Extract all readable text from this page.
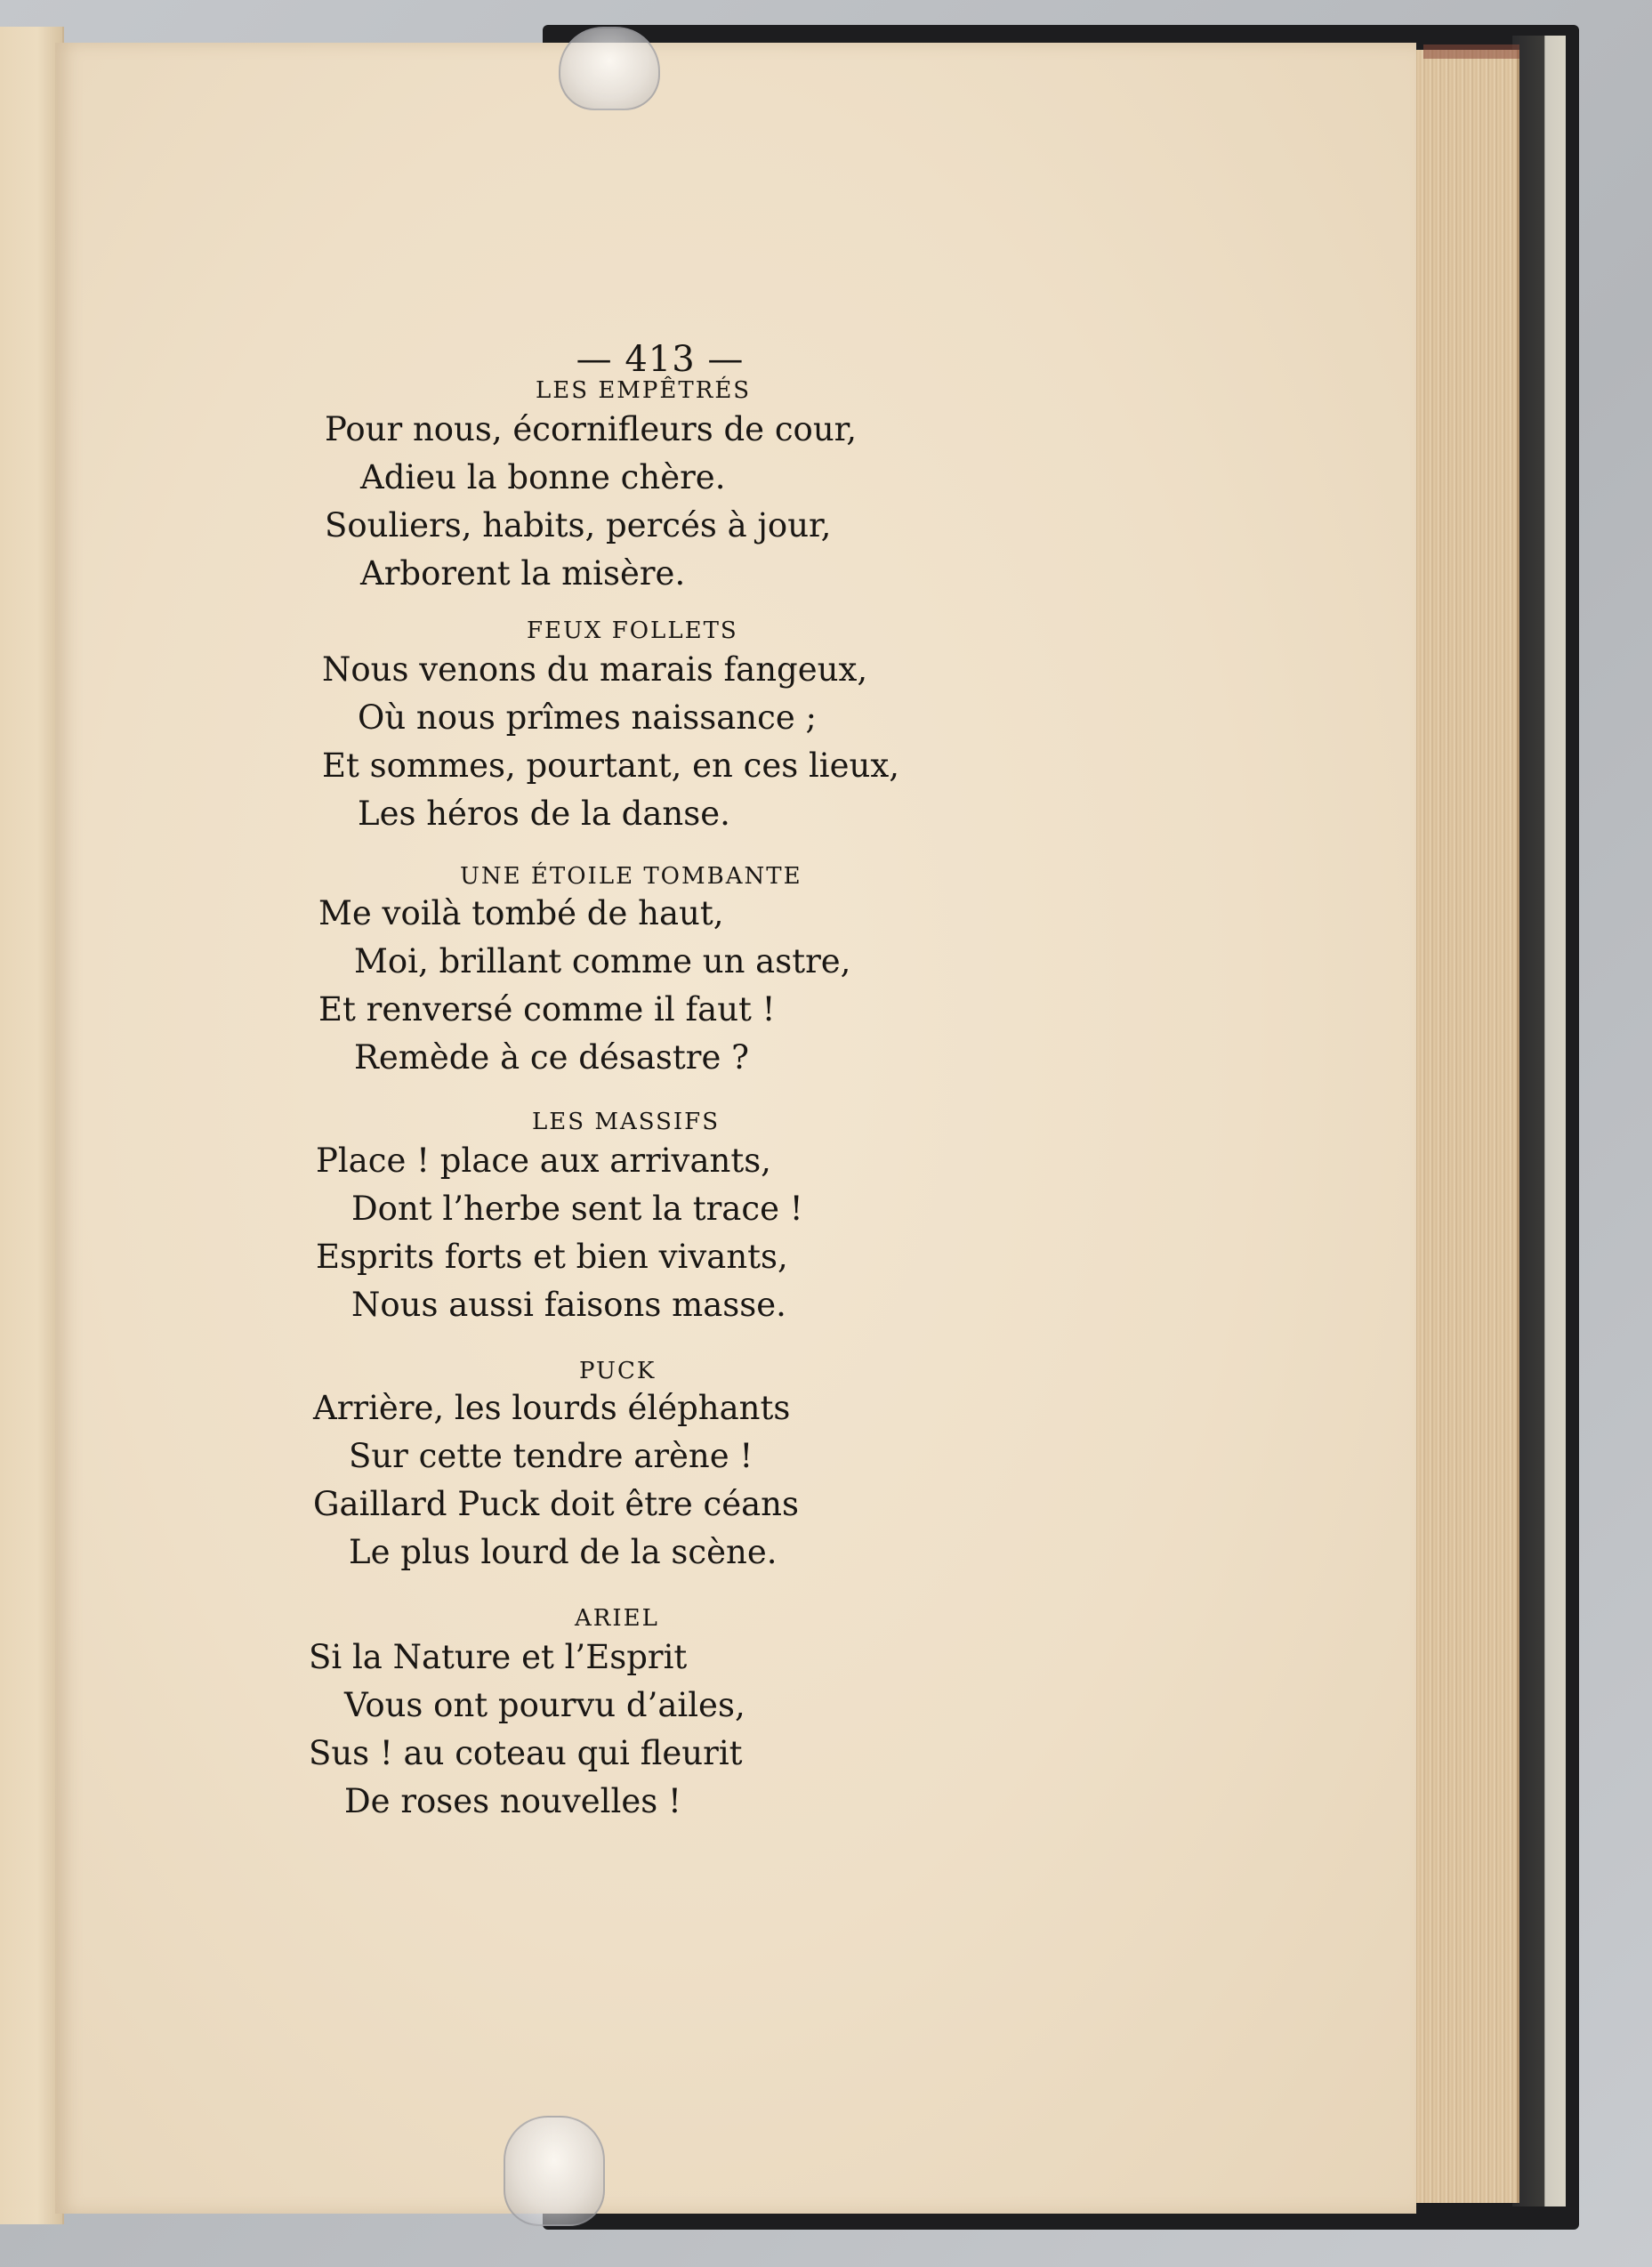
— 413 —
LES EMPÊTRÉS
Pour nous, écornifleurs de cour,
Adieu la bonne chère.
Souliers, habits, percés à jour,
Arborent la misère.
FEUX FOLLETS
Nous venons du marais fangeux,
Où nous prîmes naissance ;
Et sommes, pourtant, en ces lieux,
Les héros de la danse.
UNE ÉTOILE TOMBANTE
Me voilà tombé de haut,
Moi, brillant comme un astre,
Et renversé comme il faut !
Remède à ce désastre ?
LES MASSIFS
Place ! place aux arrivants,
Dont l’herbe sent la trace !
Esprits forts et bien vivants,
Nous aussi faisons masse.
PUCK
Arrière, les lourds éléphants
Sur cette tendre arène !
Gaillard Puck doit être céans
Le plus lourd de la scène.
ARIEL
Si la Nature et l’Esprit
Vous ont pourvu d’ailes,
Sus ! au coteau qui fleurit
De roses nouvelles !
